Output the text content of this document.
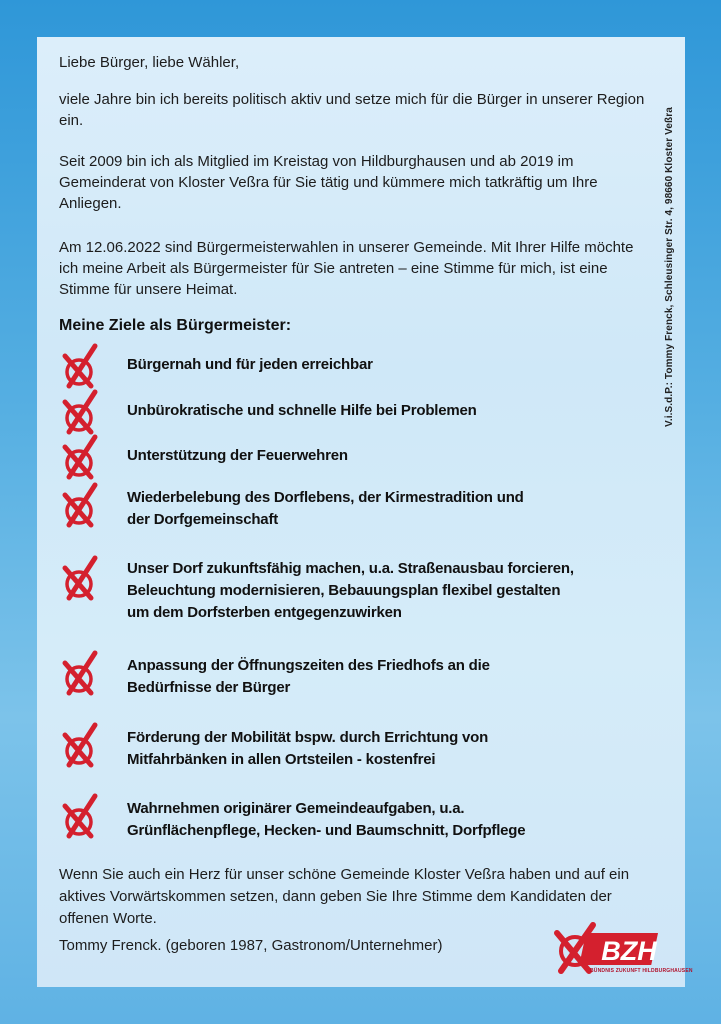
V.i.S.d.P.: Tommy Frenck, Schleusinger Str. 4, 98660 Kloster Veßra
Liebe Bürger, liebe Wähler,
viele Jahre bin ich bereits politisch aktiv und setze mich für die Bürger in unserer Region ein.
Seit 2009 bin ich als Mitglied im Kreistag von Hildburghausen und ab 2019 im Gemeinderat von Kloster Veßra für Sie tätig und kümmere mich tatkräftig um Ihre Anliegen.
Am 12.06.2022 sind Bürgermeisterwahlen in unserer Gemeinde. Mit Ihrer Hilfe möchte ich meine Arbeit als Bürgermeister für Sie antreten – eine Stimme für mich, ist eine Stimme für unsere Heimat.
Meine Ziele als Bürgermeister:
Bürgernah und für jeden erreichbar
Unbürokratische und schnelle Hilfe bei Problemen
Unterstützung der Feuerwehren
Wiederbelebung des Dorflebens, der Kirmestradition und
der Dorfgemeinschaft
Unser Dorf zukunftsfähig machen, u.a. Straßenausbau forcieren,
Beleuchtung modernisieren, Bebauungsplan flexibel gestalten
um dem Dorfsterben entgegenzuwirken
Anpassung der Öffnungszeiten des Friedhofs an die
Bedürfnisse der Bürger
Förderung der Mobilität bspw. durch Errichtung von
Mitfahrbänken in allen Ortsteilen - kostenfrei
Wahrnehmen originärer Gemeindeaufgaben, u.a.
Grünflächenpflege, Hecken- und Baumschnitt, Dorfpflege
Wenn Sie auch ein Herz für unser schöne Gemeinde Kloster Veßra haben und auf ein aktives Vorwärtskommen setzen, dann geben Sie Ihre Stimme dem Kandidaten der offenen Worte.
Tommy Frenck. (geboren 1987, Gastronom/Unternehmer)	BZH
BÜNDNIS ZUKUNFT HILDBURGHAUSEN
